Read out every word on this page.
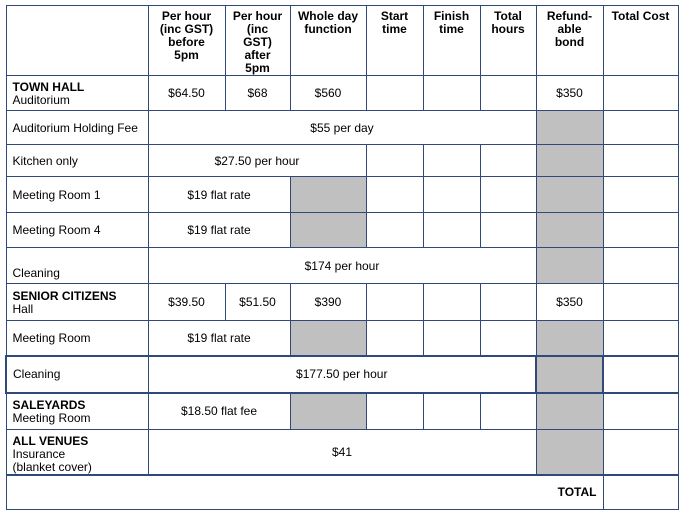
	Per hour
(inc GST)
before 5pm	Per hour
(inc GST)
after 5pm	Whole day
function	Start
time	Finish
time	Total
hours	Refund-
able
bond	Total Cost

TOWN HALL
Auditorium	$64.50	$68	$560				$350	
Auditorium Holding Fee	$55 per day							
Kitchen only	$27.50 per hour							
Meeting Room 1	$19 flat rate							
Meeting Room 4	$19 flat rate							
Cleaning	$174 per hour							

SENIOR CITIZENS
Hall	$39.50	$51.50	$390				$350	
Meeting Room	$19 flat rate							
Cleaning	$177.50 per hour							

SALEYARDS
Meeting Room	$18.50 flat fee							

ALL VENUES
Insurance
(blanket cover)	$41							
TOTAL								
